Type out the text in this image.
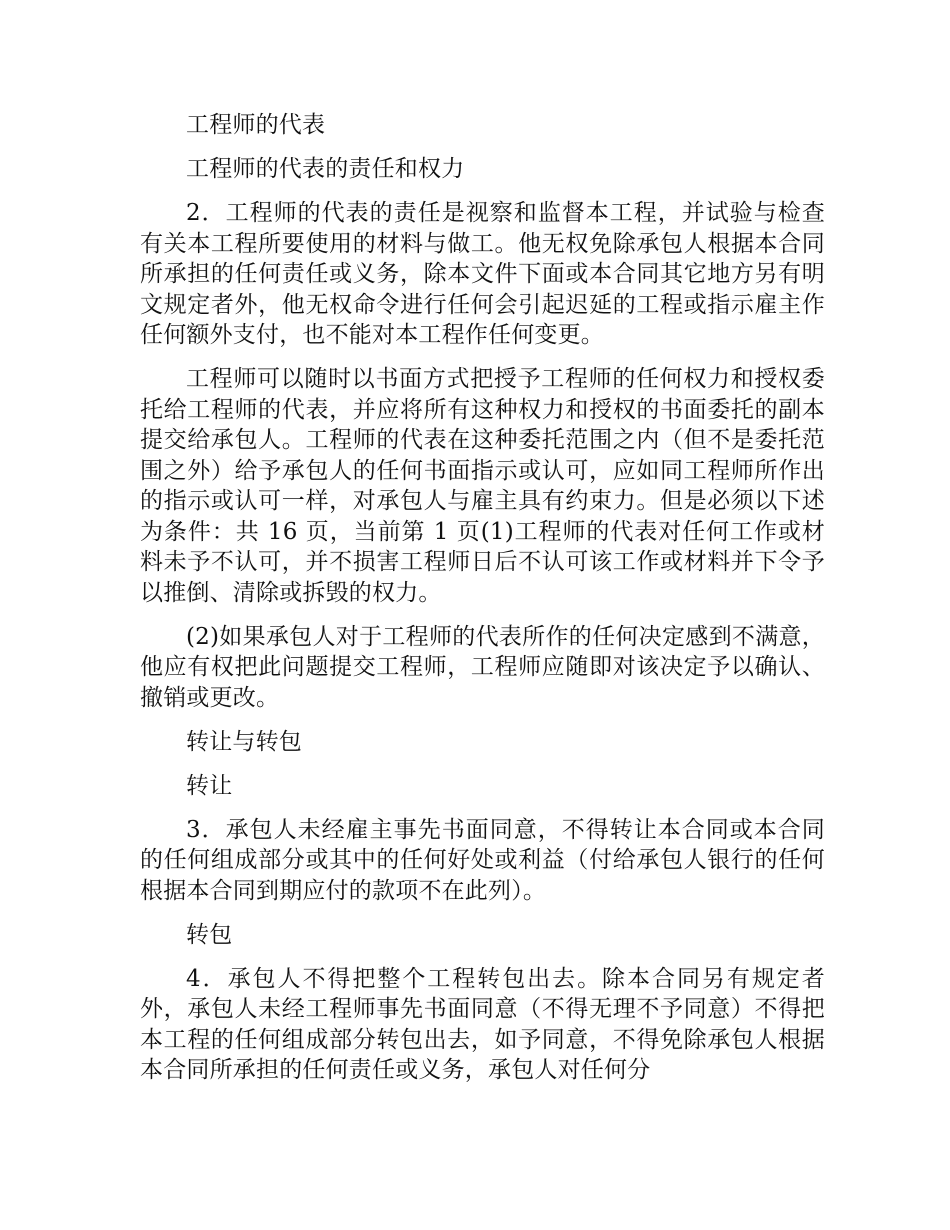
工程师的代表

工程师的代表的责任和权力

2．工程师的代表的责任是视察和监督本工程，并试验与检查有关本工程所要使用的材料与做工。他无权免除承包人根据本合同所承担的任何责任或义务，除本文件下面或本合同其它地方另有明文规定者外，他无权命令进行任何会引起迟延的工程或指示雇主作任何额外支付，也不能对本工程作任何变更。

工程师可以随时以书面方式把授予工程师的任何权力和授权委托给工程师的代表，并应将所有这种权力和授权的书面委托的副本提交给承包人。工程师的代表在这种委托范围之内（但不是委托范围之外）给予承包人的任何书面指示或认可，应如同工程师所作出的指示或认可一样，对承包人与雇主具有约束力。但是必须以下述为条件：共 16 页，当前第 1 页(1)工程师的代表对任何工作或材料未予不认可，并不损害工程师日后不认可该工作或材料并下令予以推倒、清除或拆毁的权力。

(2)如果承包人对于工程师的代表所作的任何决定感到不满意，他应有权把此问题提交工程师，工程师应随即对该决定予以确认、撤销或更改。

转让与转包

转让

3．承包人未经雇主事先书面同意，不得转让本合同或本合同的任何组成部分或其中的任何好处或利益（付给承包人银行的任何根据本合同到期应付的款项不在此列）。

转包

4．承包人不得把整个工程转包出去。除本合同另有规定者外，承包人未经工程师事先书面同意（不得无理不予同意）不得把本工程的任何组成部分转包出去，如予同意，不得免除承包人根据本合同所承担的任何责任或义务，承包人对任何分
